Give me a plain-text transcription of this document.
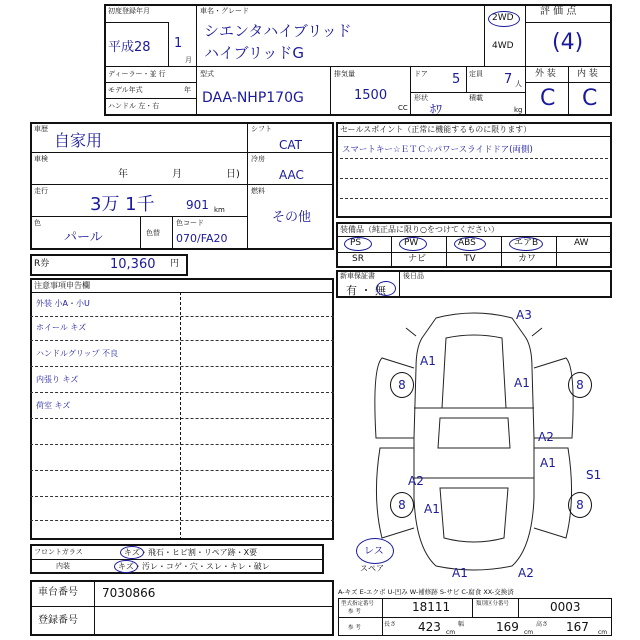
初度登録年月
平成28 1
月
車名・グレード
シエンタハイブリッド
ハイブリッドG
2WD
4WD
評 価 点
(4)
外 装 内 装
C C
ディーラー・並 行
モデル年式	年
ハンドル 左・右
型式
DAA-NHP170G
排気量
1500
CC
ドア 5 定員 7 人
形状
ﾎﾜ
積載
kg
車歴
自家用
車検
年	月	日)
走行
3万 1千	901 km
色
パール	色替
色コード
070/FA20
シフト
CAT
冷房
AAC
燃料
その他
R券	10,360 円
セールスポイント（正常に機能するものに限ります）
スマートキー☆ＥＴＣ☆パワースライドドア(両側)
装備品（純正品に限り○をつけてください）
PS	PW	ABS	エアB	AW
SR	ナビ	TV	カワ
新車保証書
有 ・ 無
後日品
注意事項申告欄
外装 小A・小U
ホイール キズ
ハンドルグリップ 不良
内張り キズ
荷室 キズ
フロントガラス	キズ・飛石・ヒビ割・リペア跡・X要
内装	キズ・汚レ・コゲ・穴・スレ・キレ・破レ
車台番号 7030866
登録番号
8	8
8	8
A3
A1
A1
A2
A1
A2	S1
A1
A1	A2
レス
スペア
A-キズ E-エクボ U-凹み W-補修跡 S-サビ C-腐食 XX-交換済
型式指定番号
参 考	18111	類別区分番号	0003
長さ 423 cm
幅	169 cm
高さ 167 cm
参 考
